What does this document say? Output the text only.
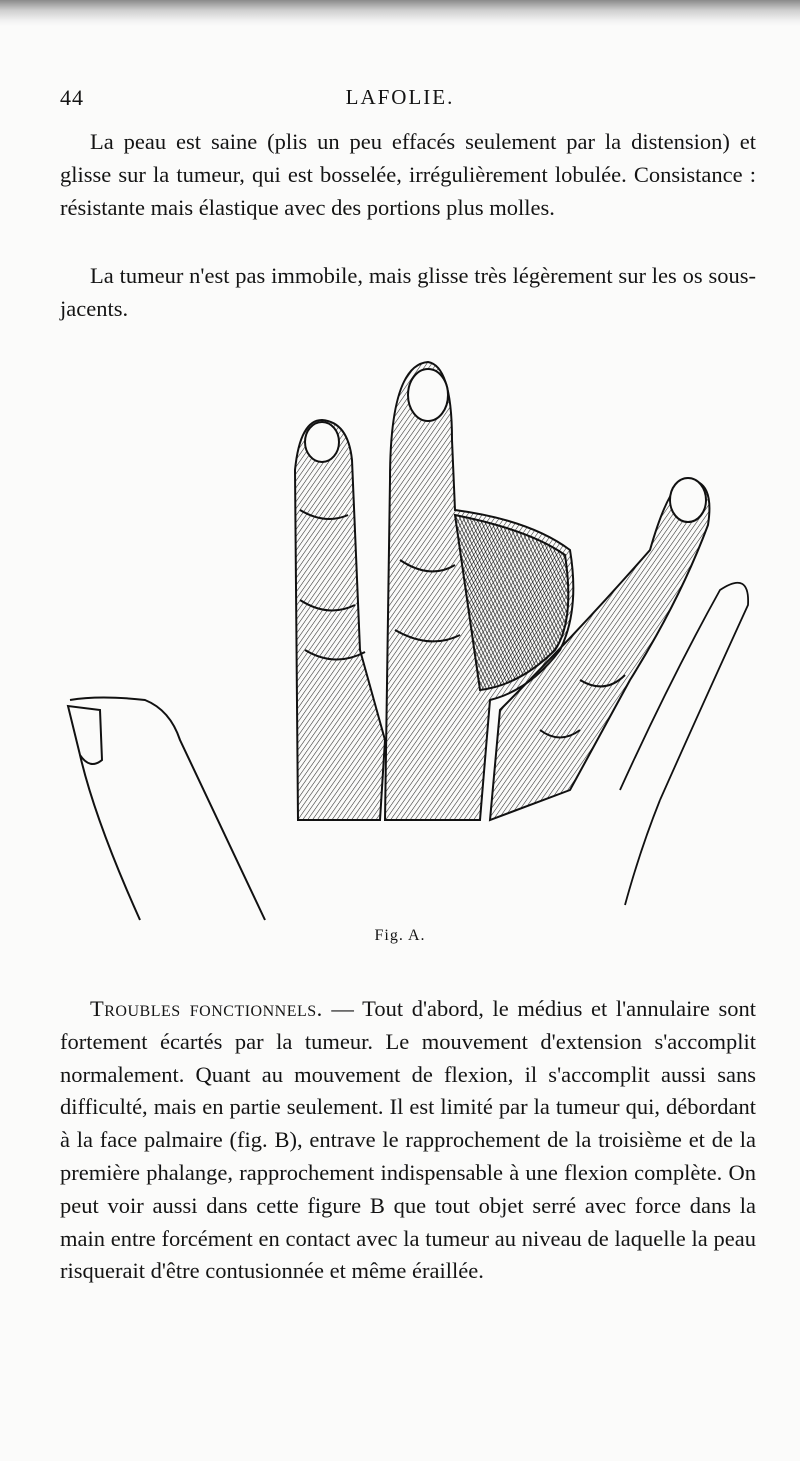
44	LAFOLIE.

La peau est saine (plis un peu effacés seulement par la distension) et glisse sur la tumeur, qui est bosselée, irrégulièrement lobulée. Consistance : résistante mais élastique avec des portions plus molles.

La tumeur n'est pas immobile, mais glisse très légèrement sur les os sous-jacents.

Fig. A.

Troubles fonctionnels. — Tout d'abord, le médius et l'annulaire sont fortement écartés par la tumeur. Le mouvement d'extension s'accomplit normalement. Quant au mouvement de flexion, il s'accomplit aussi sans difficulté, mais en partie seulement. Il est limité par la tumeur qui, débordant à la face palmaire (fig. B), entrave le rapprochement de la troisième et de la première phalange, rapprochement indispensable à une flexion complète. On peut voir aussi dans cette figure B que tout objet serré avec force dans la main entre forcément en contact avec la tumeur au niveau de laquelle la peau risquerait d'être contusionnée et même éraillée.
